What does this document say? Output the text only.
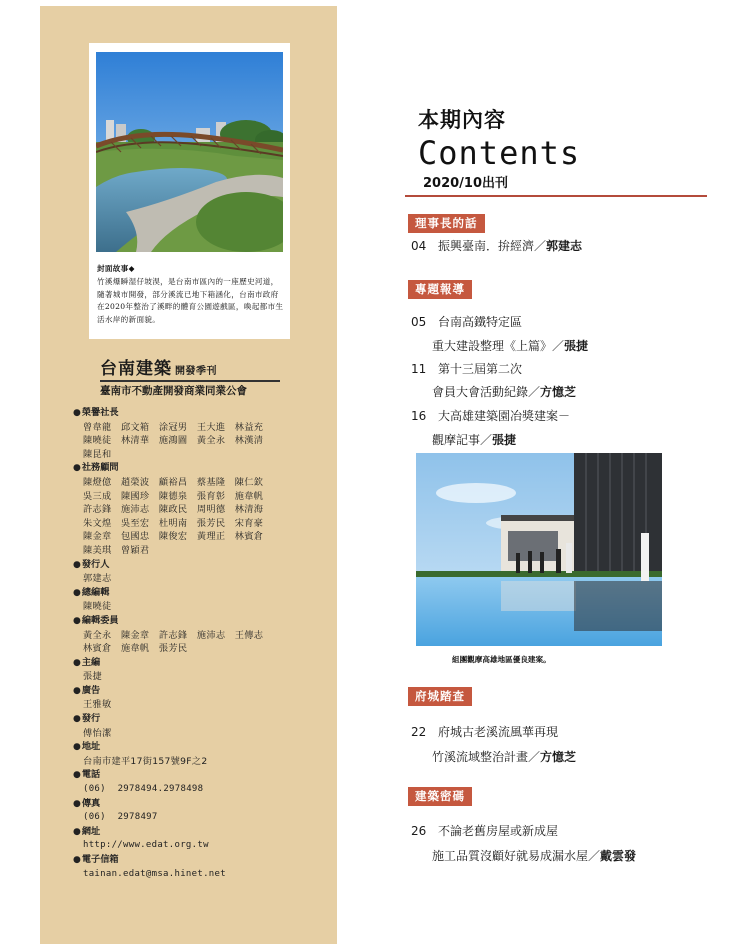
封面故事◆
竹溪爆瞬湿仔坡淏，是台南市區內的一座歷史河道，隨著城市開發，部分溪流已地下箱涵化，台南市政府在2020年整治了溪畔的體育公園遊戲區，喚起都市生活水岸的新面貌。
台南建築 開發季刊
臺南市不動產開發商業同業公會
● 榮譽社長
曾韋龍　邱文箱　涂冠男　王大進　林益充
陳曉徒　林清華　施鴻圖　黃全永　林漢清
陳昆和
● 社務顧問
陳燈億　趙榮波　顧裕昌　蔡基隆　陳仁欽
吳三成　陳國珍　陳德泉　張育彰　施韋帆
許志鋒　施沛志　陳政民　周明德　林清海
朱文煌　吳至宏　杜明南　張芳民　宋育豪
陳金章　包國忠　陳俊宏　黃理正　林賓倉
陳美琪　曾穎君
● 發行人
郭建志
● 總編輯
陳曉徒
● 編輯委員
黃全永　陳金章　許志鋒　施沛志　王傳志
林賓倉　施韋帆　張芳民
● 主編
張捷
● 廣告
王雅敏
● 發行
傅怡潔
● 地址
台南市建平17街157號9F之2
● 電話
(06) 2978494.2978498
● 傳真
(06) 2978497
● 網址
http://www.edat.org.tw
● 電子信箱
tainan.edat@msa.hinet.net
本期內容
Contents
2020/10出刊
理事長的話
專題報導
府城踏查
建築密碼
04 振興臺南．拚經濟／郭建志
05 台南高鐵特定區
重大建設整理《上篇》／張捷
11 第十三屆第二次
會員大會活動紀錄／方憶芝
16 大高雄建築園冶獎建案－
觀摩記事／張捷
22 府城古老溪流風華再現
竹溪流域整治計畫／方憶芝
26 不論老舊房屋或新成屋
施工品質沒顧好就易成漏水屋／戴雲發
組團觀摩高雄地區優良建案。
